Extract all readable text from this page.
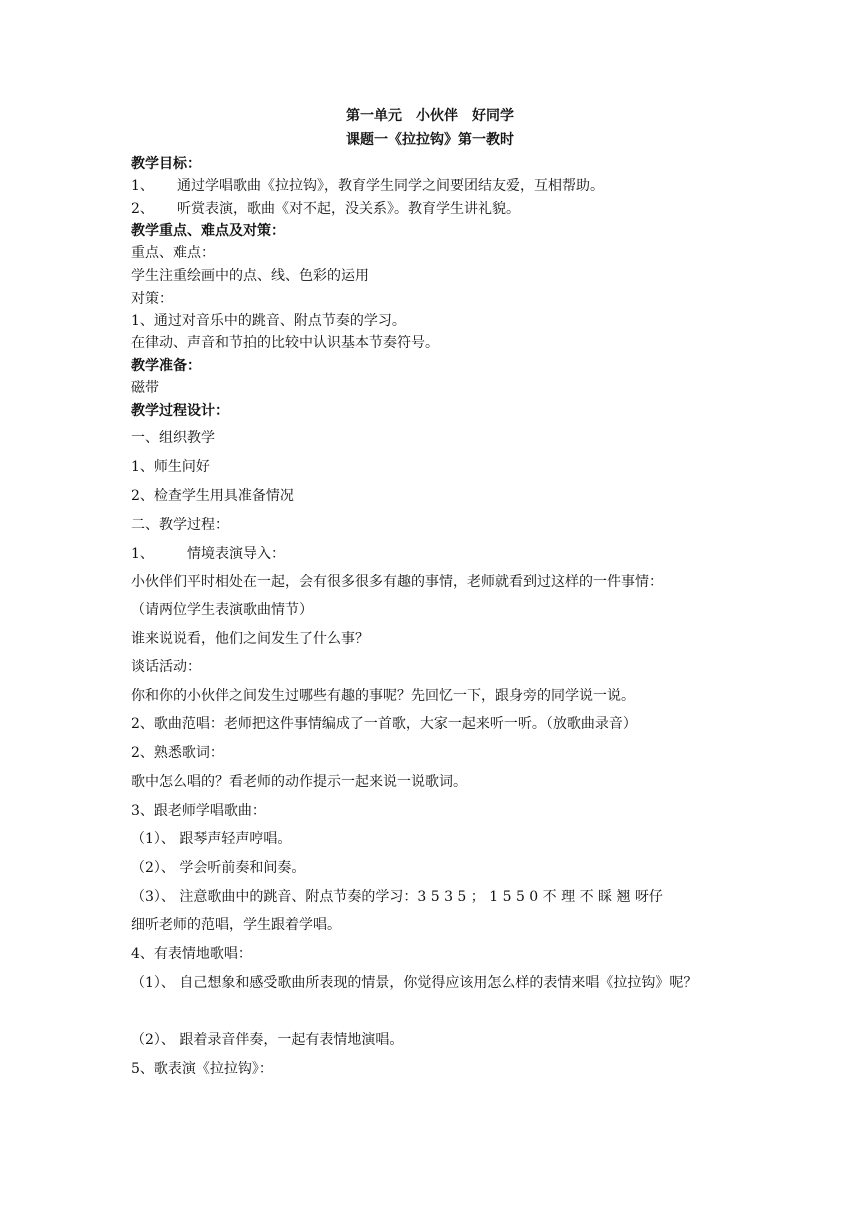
第一单元　小伙伴　好同学
课题一《拉拉钩》第一教时
教学目标：
1、 通过学唱歌曲《拉拉钩》，教育学生同学之间要团结友爱，互相帮助。
2、 听赏表演，歌曲《对不起，没关系》。教育学生讲礼貌。
教学重点、难点及对策：
重点、难点：
学生注重绘画中的点、线、色彩的运用
对策：
1、通过对音乐中的跳音、附点节奏的学习。
在律动、声音和节拍的比较中认识基本节奏符号。
教学准备：
磁带
教学过程设计：
一、组织教学
1、师生问好
2、检查学生用具准备情况
二、教学过程：
1、 情境表演导入：
小伙伴们平时相处在一起，会有很多很多有趣的事情，老师就看到过这样的一件事情：
（请两位学生表演歌曲情节）
谁来说说看，他们之间发生了什么事？
谈话活动：
你和你的小伙伴之间发生过哪些有趣的事呢？先回忆一下，跟身旁的同学说一说。
2、歌曲范唱：老师把这件事情编成了一首歌，大家一起来听一听。（放歌曲录音）
2、熟悉歌词：
歌中怎么唱的？看老师的动作提示一起来说一说歌词。
3、跟老师学唱歌曲：
（1）、 跟琴声轻声哼唱。
（2）、 学会听前奏和间奏。
（3）、 注意歌曲中的跳音、附点节奏的学习：3 5 3 5 ； 1 5 5 0 不 理 不 睬 翘 呀仔
细听老师的范唱，学生跟着学唱。
4、有表情地歌唱：
（1）、 自己想象和感受歌曲所表现的情景，你觉得应该用怎么样的表情来唱《拉拉钩》呢？
（2）、 跟着录音伴奏，一起有表情地演唱。
5、歌表演《拉拉钩》：
